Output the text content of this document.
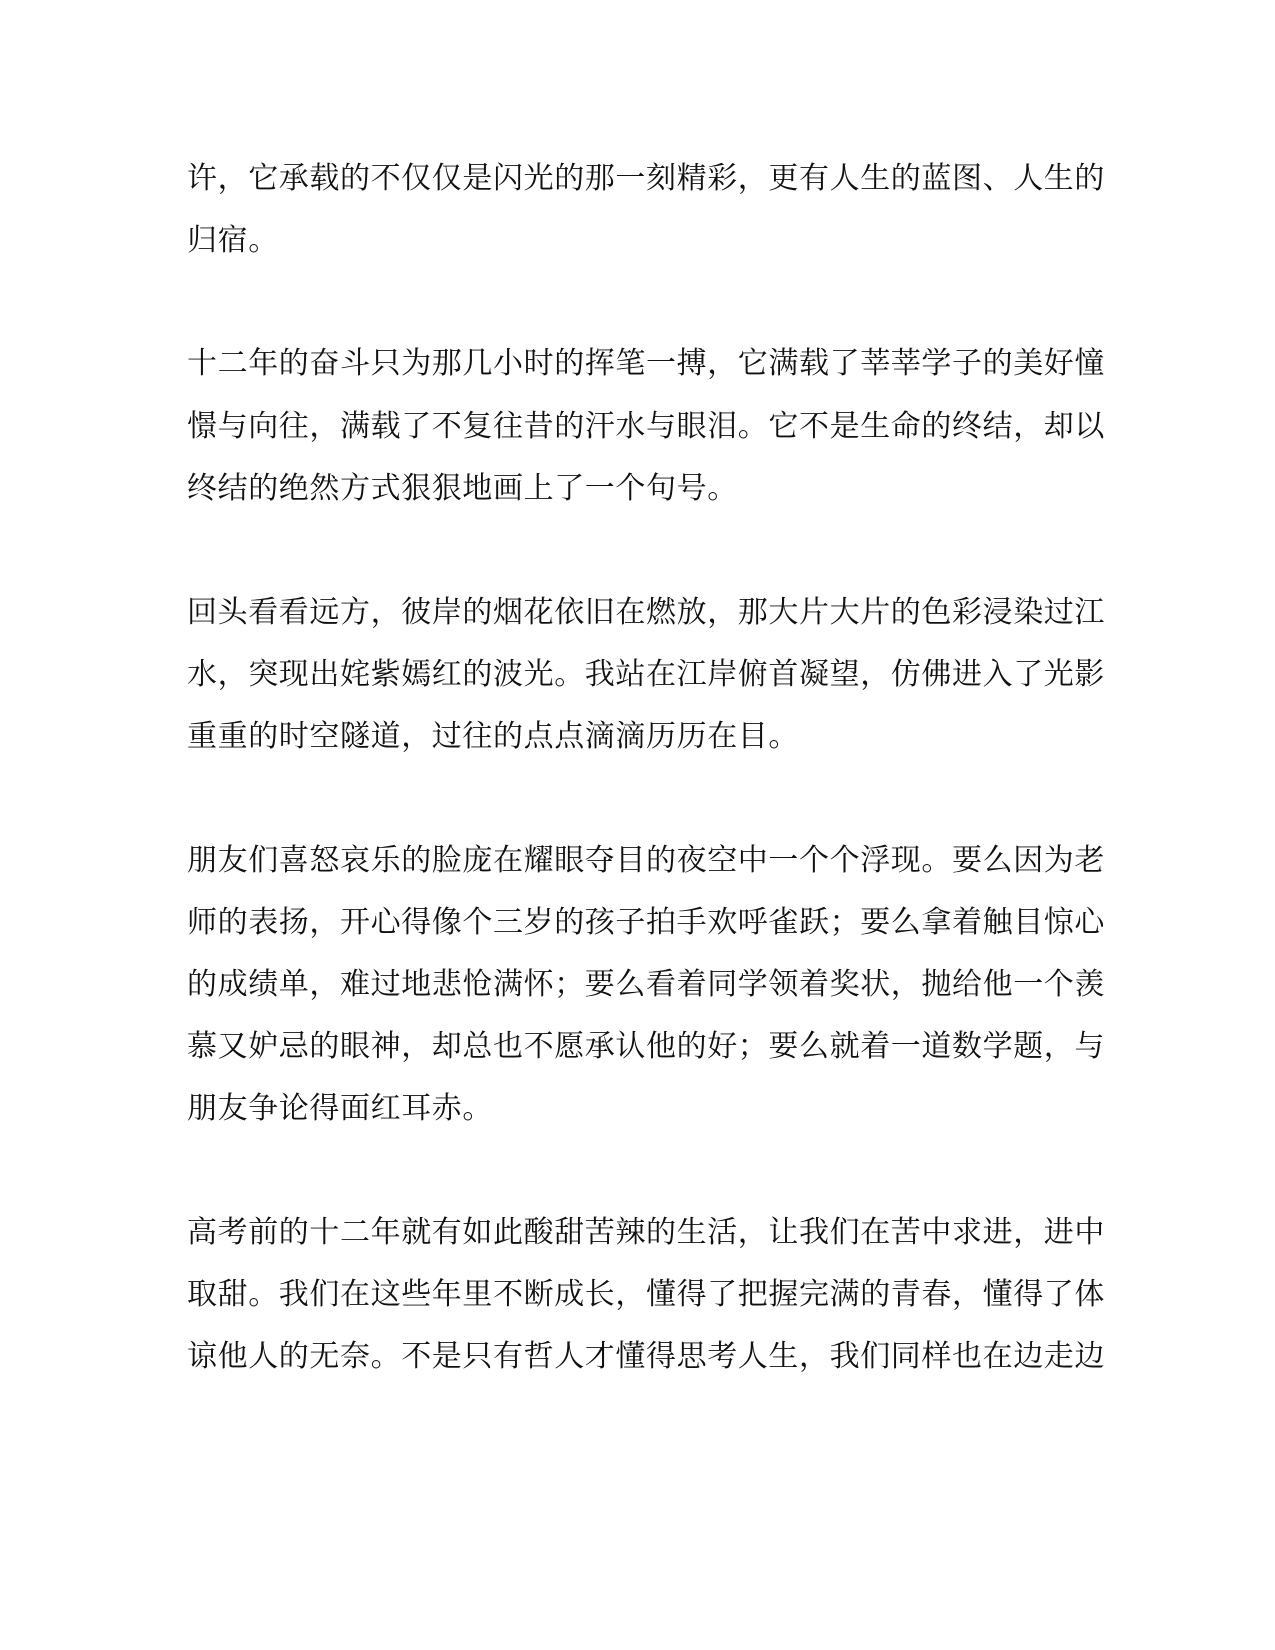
许，它承载的不仅仅是闪光的那一刻精彩，更有人生的蓝图、人生的
归宿。
十二年的奋斗只为那几小时的挥笔一搏，它满载了莘莘学子的美好憧
憬与向往，满载了不复往昔的汗水与眼泪。它不是生命的终结，却以
终结的绝然方式狠狠地画上了一个句号。
回头看看远方，彼岸的烟花依旧在燃放，那大片大片的色彩浸染过江
水，突现出姹紫嫣红的波光。我站在江岸俯首凝望，仿佛进入了光影
重重的时空隧道，过往的点点滴滴历历在目。
朋友们喜怒哀乐的脸庞在耀眼夺目的夜空中一个个浮现。要么因为老
师的表扬，开心得像个三岁的孩子拍手欢呼雀跃；要么拿着触目惊心
的成绩单，难过地悲怆满怀；要么看着同学领着奖状，抛给他一个羡
慕又妒忌的眼神，却总也不愿承认他的好；要么就着一道数学题，与
朋友争论得面红耳赤。
高考前的十二年就有如此酸甜苦辣的生活，让我们在苦中求进，进中
取甜。我们在这些年里不断成长，懂得了把握完满的青春，懂得了体
谅他人的无奈。不是只有哲人才懂得思考人生，我们同样也在边走边
